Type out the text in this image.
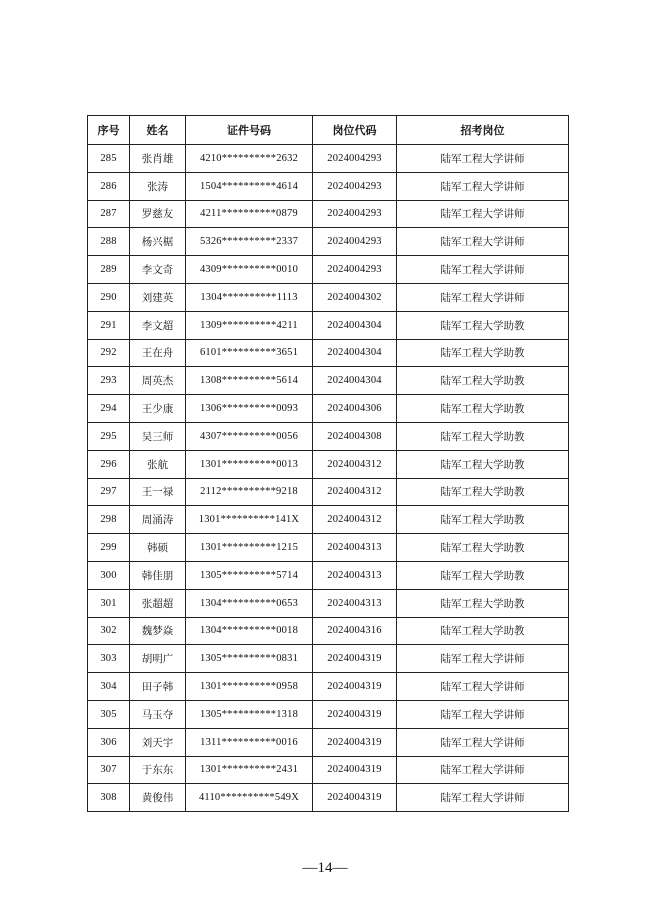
序号	姓名	证件号码	岗位代码	招考岗位
285	张肖雄	4210**********2632	2024004293	陆军工程大学讲师
286	张涛	1504**********4614	2024004293	陆军工程大学讲师
287	罗慈友	4211**********0879	2024004293	陆军工程大学讲师
288	杨兴椐	5326**********2337	2024004293	陆军工程大学讲师
289	李文奇	4309**********0010	2024004293	陆军工程大学讲师
290	刘建英	1304**********1113	2024004302	陆军工程大学讲师
291	李文超	1309**********4211	2024004304	陆军工程大学助教
292	王在舟	6101**********3651	2024004304	陆军工程大学助教
293	周英杰	1308**********5614	2024004304	陆军工程大学助教
294	王少康	1306**********0093	2024004306	陆军工程大学助教
295	吴三师	4307**********0056	2024004308	陆军工程大学助教
296	张航	1301**********0013	2024004312	陆军工程大学助教
297	王一禄	2112**********9218	2024004312	陆军工程大学助教
298	周涌涛	1301**********141X	2024004312	陆军工程大学助教
299	韩硕	1301**********1215	2024004313	陆军工程大学助教
300	韩佳朋	1305**********5714	2024004313	陆军工程大学助教
301	张超超	1304**********0653	2024004313	陆军工程大学助教
302	魏梦焱	1304**********0018	2024004316	陆军工程大学助教
303	胡明广	1305**********0831	2024004319	陆军工程大学讲师
304	田子韩	1301**********0958	2024004319	陆军工程大学讲师
305	马玉夺	1305**********1318	2024004319	陆军工程大学讲师
306	刘天宇	1311**********0016	2024004319	陆军工程大学讲师
307	于东东	1301**********2431	2024004319	陆军工程大学讲师
308	黄俊伟	4110**********549X	2024004319	陆军工程大学讲师
—14—
